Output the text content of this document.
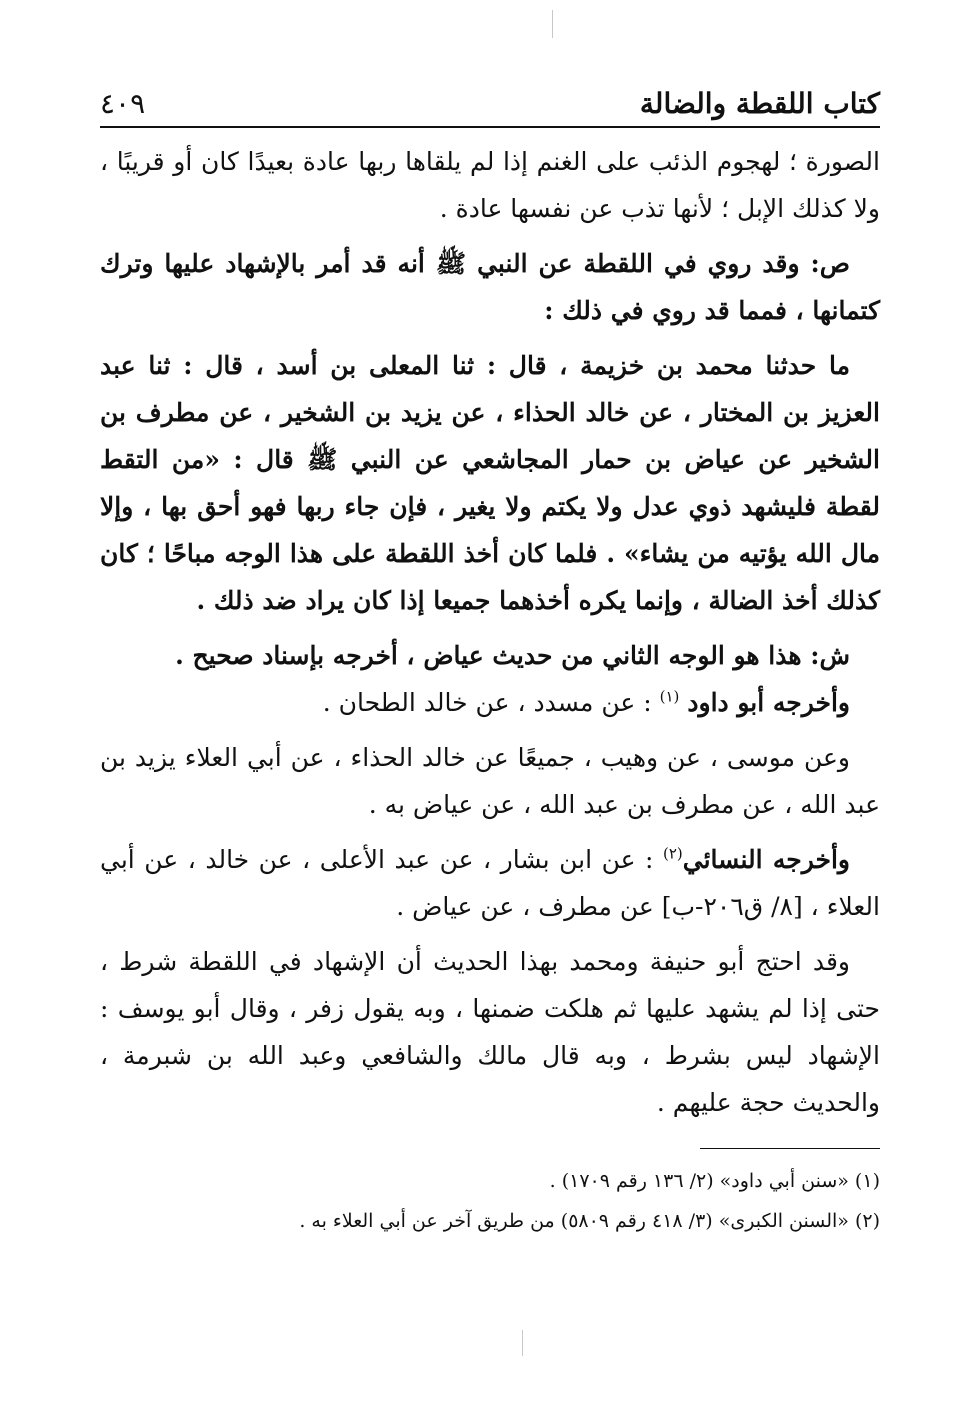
كتاب اللقطة والضالة
٤٠٩

الصورة ؛ لهجوم الذئب على الغنم إذا لم يلقاها ربها عادة بعيدًا كان أو قريبًا ، ولا كذلك الإبل ؛ لأنها تذب عن نفسها عادة .

ص: وقد روي في اللقطة عن النبي ﷺ أنه قد أمر بالإشهاد عليها وترك كتمانها ، فمما قد روي في ذلك :

ما حدثنا محمد بن خزيمة ، قال : ثنا المعلى بن أسد ، قال : ثنا عبد العزيز بن المختار ، عن خالد الحذاء ، عن يزيد بن الشخير ، عن مطرف بن الشخير عن عياض بن حمار المجاشعي عن النبي ﷺ قال : «من التقط لقطة فليشهد ذوي عدل ولا يكتم ولا يغير ، فإن جاء ربها فهو أحق بها ، وإلا مال الله يؤتيه من يشاء» . فلما كان أخذ اللقطة على هذا الوجه مباحًا ؛ كان كذلك أخذ الضالة ، وإنما يكره أخذهما جميعا إذا كان يراد ضد ذلك .

ش: هذا هو الوجه الثاني من حديث عياض ، أخرجه بإسناد صحيح .

وأخرجه أبو داود $^{(١)}$ : عن مسدد ، عن خالد الطحان .

وعن موسى ، عن وهيب ، جميعًا عن خالد الحذاء ، عن أبي العلاء يزيد بن عبد الله ، عن مطرف بن عبد الله ، عن عياض به .

وأخرجه النسائي$^{(٢)}$ : عن ابن بشار ، عن عبد الأعلى ، عن خالد ، عن أبي العلاء ، [٨/ ق٢٠٦-ب] عن مطرف ، عن عياض .

وقد احتج أبو حنيفة ومحمد بهذا الحديث أن الإشهاد في اللقطة شرط ، حتى إذا لم يشهد عليها ثم هلكت ضمنها ، وبه يقول زفر ، وقال أبو يوسف : الإشهاد ليس بشرط ، وبه قال مالك والشافعي وعبد الله بن شبرمة ، والحديث حجة عليهم .

(١) «سنن أبي داود» (٢/ ١٣٦ رقم ١٧٠٩) .

(٢) «السنن الكبرى» (٣/ ٤١٨ رقم ٥٨٠٩) من طريق آخر عن أبي العلاء به .
